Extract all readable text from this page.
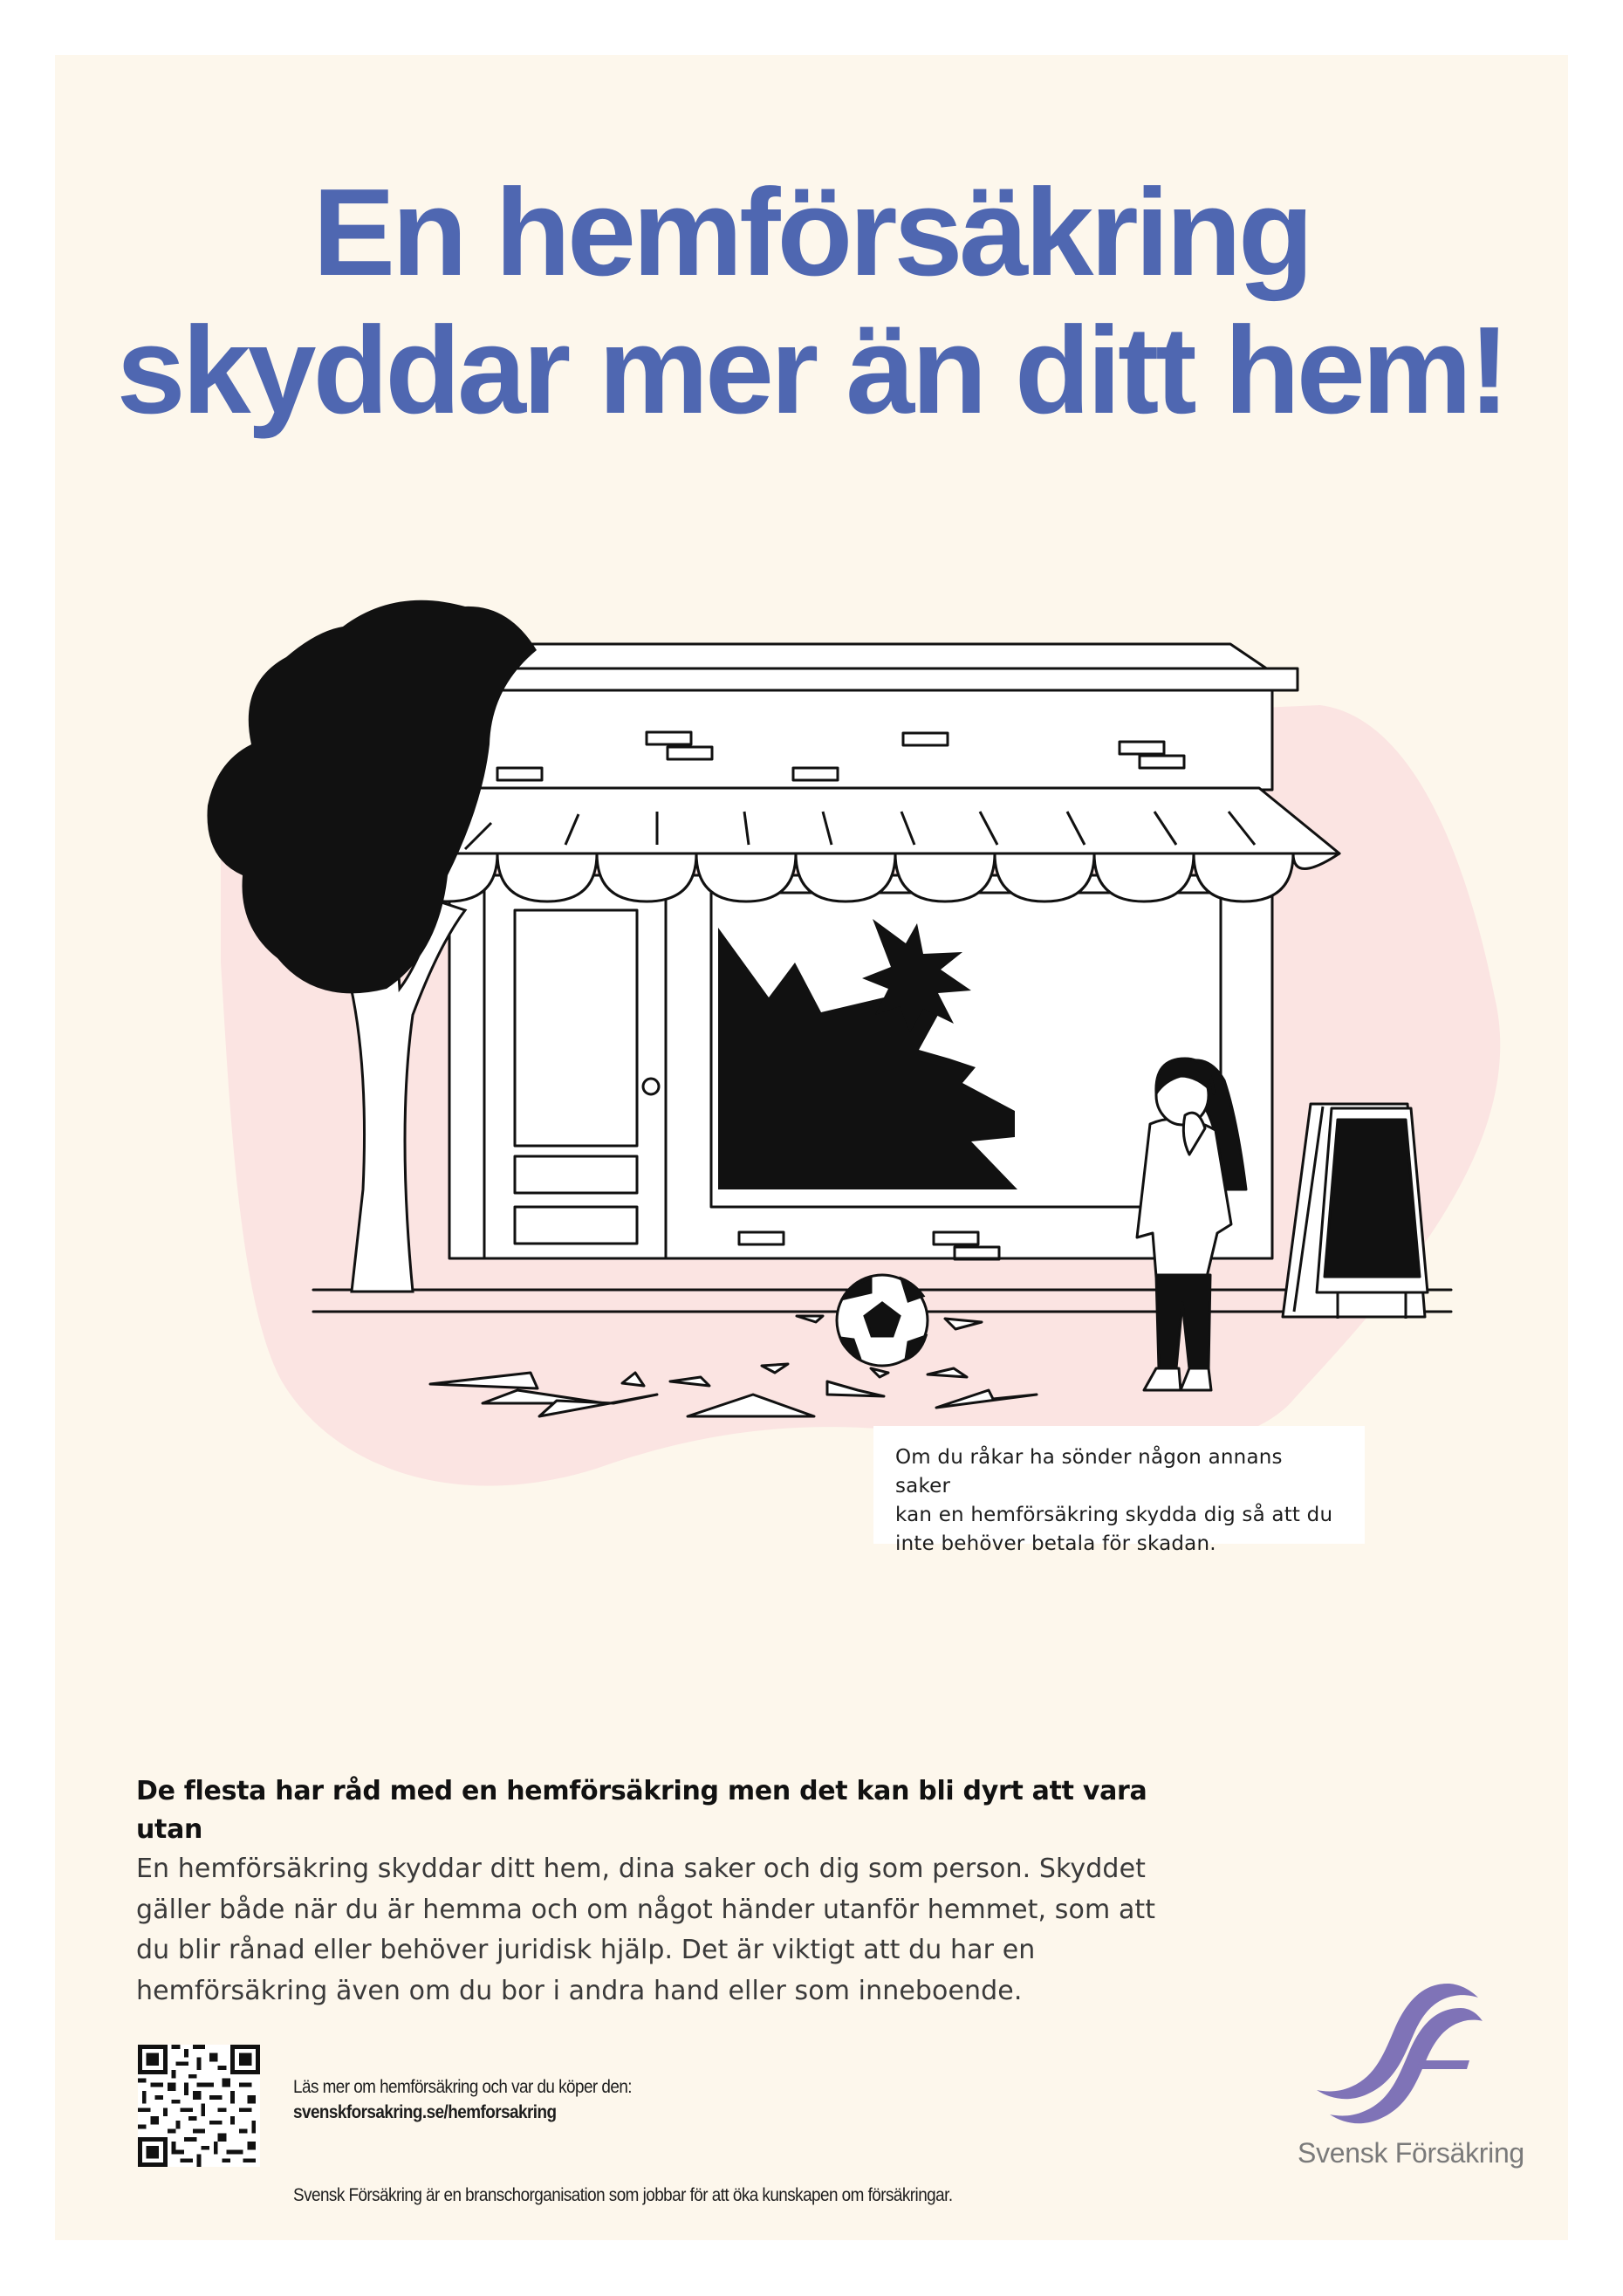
En hemförsäkring
skyddar mer än ditt hem!
Om du råkar ha sönder någon annans saker
kan en hemförsäkring skydda dig så att du
inte behöver betala för skadan.

De flesta har råd med en hemförsäkring men det kan bli dyrt att vara utan

En hemförsäkring skyddar ditt hem, dina saker och dig som person. Skyddet gäller både när du är hemma och om något händer utanför hemmet, som att du blir rånad eller behöver juridisk hjälp. Det är viktigt att du har en hemförsäkring även om du bor i andra hand eller som inneboende.

Läs mer om hemförsäkring och var du köper den:
svenskforsakring.se/hemforsakring
Svensk Försäkring är en branschorganisation som jobbar för att öka kunskapen om försäkringar.
Svensk Försäkring
